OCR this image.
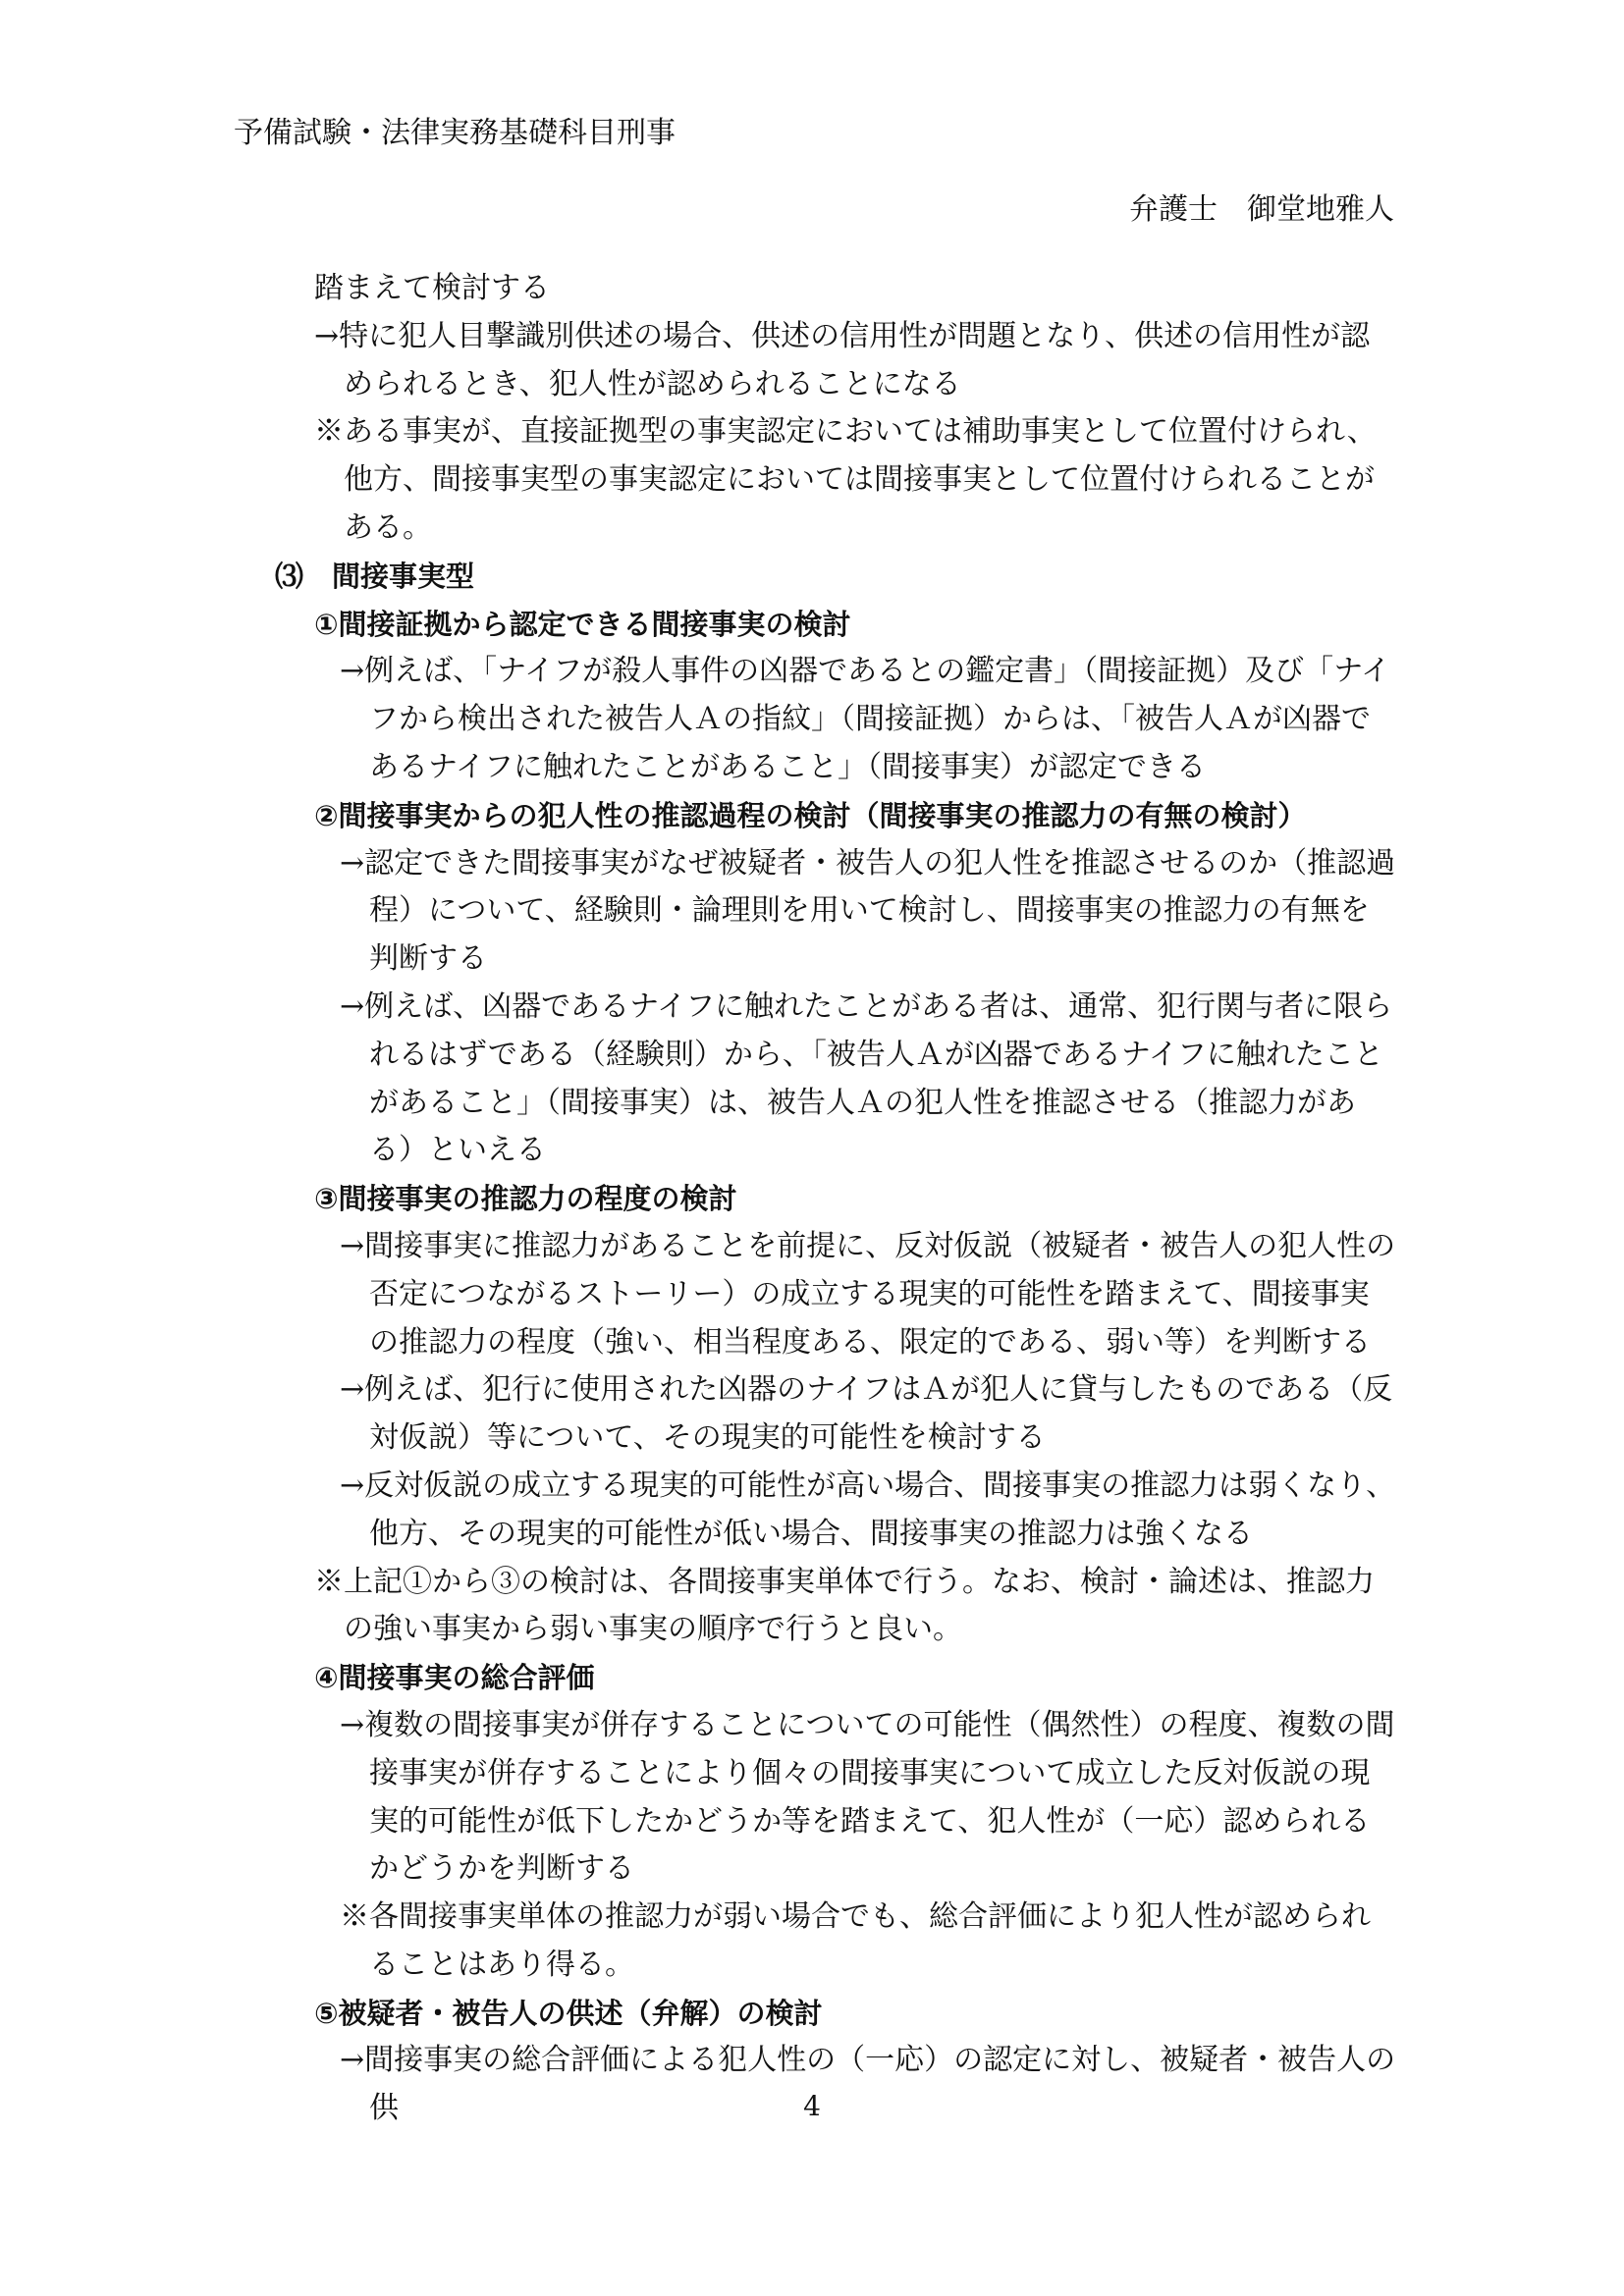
予備試験・法律実務基礎科目刑事
弁護士　御堂地雅人

踏まえて検討する

→特に犯人目撃識別供述の場合、供述の信用性が問題となり、供述の信用性が認められるとき、犯人性が認められることになる

※ある事実が、直接証拠型の事実認定においては補助事実として位置付けられ、他方、間接事実型の事実認定においては間接事実として位置付けられることがある。

⑶　間接事実型

①間接証拠から認定できる間接事実の検討

→例えば、「ナイフが殺人事件の凶器であるとの鑑定書」（間接証拠）及び「ナイフから検出された被告人Ａの指紋」（間接証拠）からは、「被告人Ａが凶器であるナイフに触れたことがあること」（間接事実）が認定できる

②間接事実からの犯人性の推認過程の検討（間接事実の推認力の有無の検討）

→認定できた間接事実がなぜ被疑者・被告人の犯人性を推認させるのか（推認過程）について、経験則・論理則を用いて検討し、間接事実の推認力の有無を判断する

→例えば、凶器であるナイフに触れたことがある者は、通常、犯行関与者に限られるはずである（経験則）から、「被告人Ａが凶器であるナイフに触れたことがあること」（間接事実）は、被告人Ａの犯人性を推認させる（推認力がある）といえる

③間接事実の推認力の程度の検討

→間接事実に推認力があることを前提に、反対仮説（被疑者・被告人の犯人性の否定につながるストーリー）の成立する現実的可能性を踏まえて、間接事実の推認力の程度（強い、相当程度ある、限定的である、弱い等）を判断する

→例えば、犯行に使用された凶器のナイフはＡが犯人に貸与したものである（反対仮説）等について、その現実的可能性を検討する

→反対仮説の成立する現実的可能性が高い場合、間接事実の推認力は弱くなり、他方、その現実的可能性が低い場合、間接事実の推認力は強くなる

※上記①から③の検討は、各間接事実単体で行う。なお、検討・論述は、推認力の強い事実から弱い事実の順序で行うと良い。

④間接事実の総合評価

→複数の間接事実が併存することについての可能性（偶然性）の程度、複数の間接事実が併存することにより個々の間接事実について成立した反対仮説の現実的可能性が低下したかどうか等を踏まえて、犯人性が（一応）認められるかどうかを判断する

※各間接事実単体の推認力が弱い場合でも、総合評価により犯人性が認められることはあり得る。

⑤被疑者・被告人の供述（弁解）の検討

→間接事実の総合評価による犯人性の（一応）の認定に対し、被疑者・被告人の供	4
